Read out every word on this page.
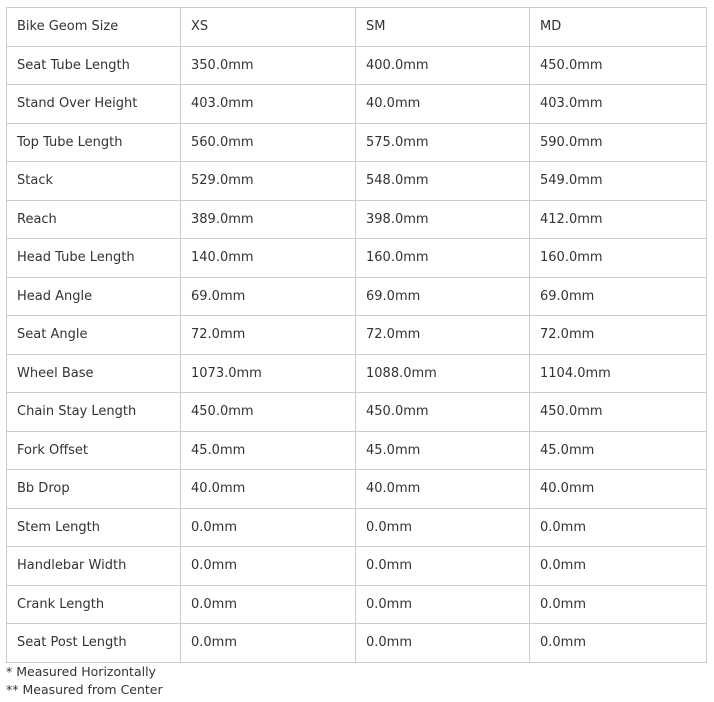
Bike Geom Size	XS	SM	MD
Seat Tube Length	350.0mm	400.0mm	450.0mm
Stand Over Height	403.0mm	40.0mm	403.0mm
Top Tube Length	560.0mm	575.0mm	590.0mm
Stack	529.0mm	548.0mm	549.0mm
Reach	389.0mm	398.0mm	412.0mm
Head Tube Length	140.0mm	160.0mm	160.0mm
Head Angle	69.0mm	69.0mm	69.0mm
Seat Angle	72.0mm	72.0mm	72.0mm
Wheel Base	1073.0mm	1088.0mm	1104.0mm
Chain Stay Length	450.0mm	450.0mm	450.0mm
Fork Offset	45.0mm	45.0mm	45.0mm
Bb Drop	40.0mm	40.0mm	40.0mm
Stem Length	0.0mm	0.0mm	0.0mm
Handlebar Width	0.0mm	0.0mm	0.0mm
Crank Length	0.0mm	0.0mm	0.0mm
Seat Post Length	0.0mm	0.0mm	0.0mm
* Measured Horizontally
** Measured from Center
